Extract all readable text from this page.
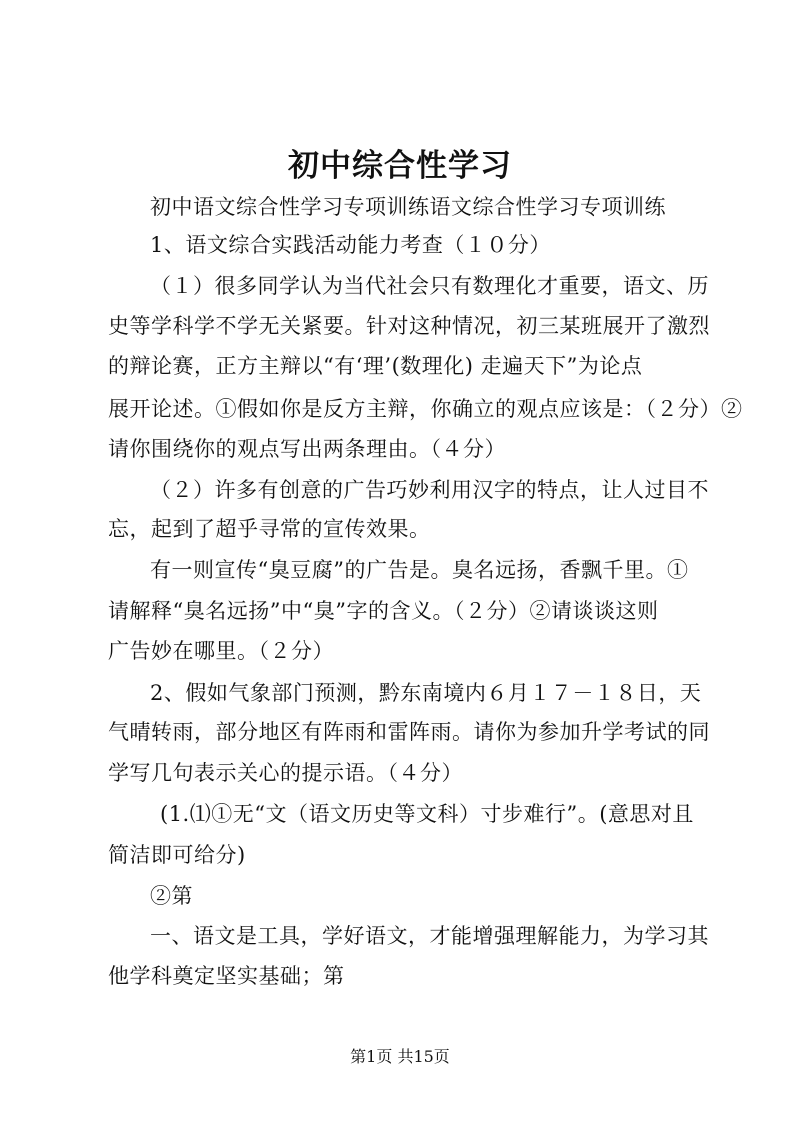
初中综合性学习

初中语文综合性学习专项训练语文综合性学习专项训练

1、语文综合实践活动能力考查（１０分）

（１）很多同学认为当代社会只有数理化才重要，语文、历

史等学科学不学无关紧要。针对这种情况，初三某班展开了激烈

的辩论赛，正方主辩以“有‘理’(数理化) 走遍天下”为论点

展开论述。①假如你是反方主辩，你确立的观点应该是：（２分）②

请你围绕你的观点写出两条理由。（４分）

（２）许多有创意的广告巧妙利用汉字的特点，让人过目不

忘，起到了超乎寻常的宣传效果。

有一则宣传“臭豆腐”的广告是。臭名远扬，香飘千里。①

请解释“臭名远扬”中“臭”字的含义。（２分）②请谈谈这则

广告妙在哪里。（２分）

2、假如气象部门预测，黔东南境内６月１７－１８日，天

气晴转雨，部分地区有阵雨和雷阵雨。请你为参加升学考试的同

学写几句表示关心的提示语。（４分）

(1.⑴①无“文（语文历史等文科）寸步难行”。(意思对且

简洁即可给分)

②第

一、语文是工具，学好语文，才能增强理解能力，为学习其

他学科奠定坚实基础；第

第1页 共15页
